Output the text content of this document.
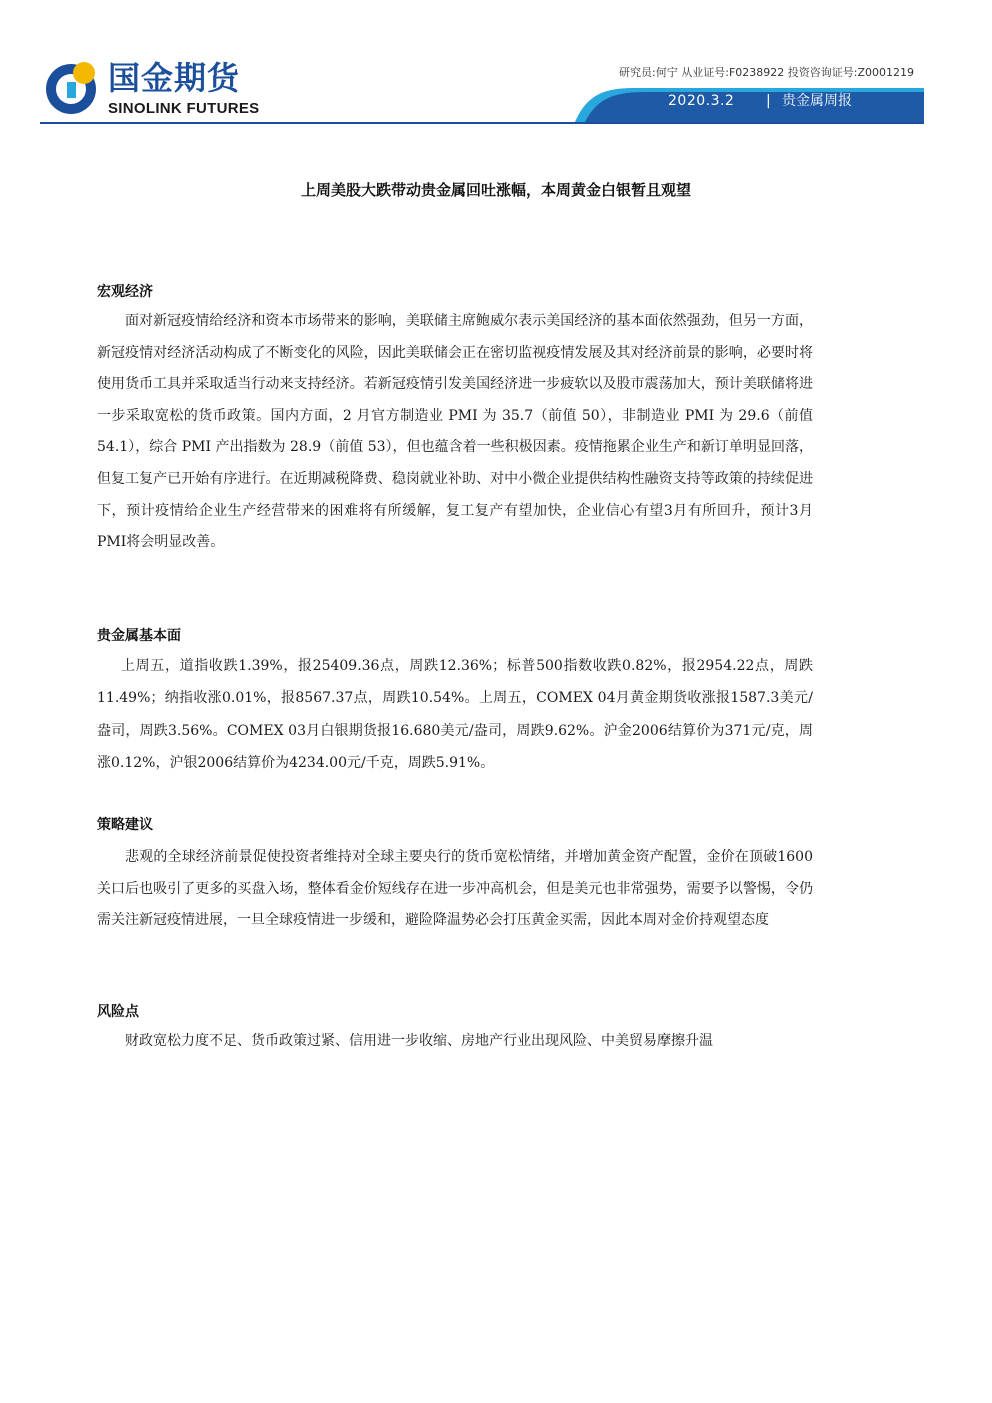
国金期货
SINOLINK FUTURES
研究员:何宁 从业证号:F0238922 投资咨询证号:Z0001219
2020.3.2 | 贵金属周报
上周美股大跌带动贵金属回吐涨幅，本周黄金白银暂且观望
宏观经济

面对新冠疫情给经济和资本市场带来的影响，美联储主席鲍威尔表示美国经济的基本面依然强劲，但另一方面，新冠疫情对经济活动构成了不断变化的风险，因此美联储会正在密切监视疫情发展及其对经济前景的影响，必要时将使用货币工具并采取适当行动来支持经济。若新冠疫情引发美国经济进一步疲软以及股市震荡加大，预计美联储将进一步采取宽松的货币政策。国内方面，2 月官方制造业 PMI 为 35.7（前值 50），非制造业 PMI 为 29.6（前值54.1），综合 PMI 产出指数为 28.9（前值 53），但也蕴含着一些积极因素。疫情拖累企业生产和新订单明显回落，但复工复产已开始有序进行。在近期减税降费、稳岗就业补助、对中小微企业提供结构性融资支持等政策的持续促进下，预计疫情给企业生产经营带来的困难将有所缓解，复工复产有望加快，企业信心有望3月有所回升，预计3月PMI将会明显改善。

贵金属基本面

上周五，道指收跌1.39%，报25409.36点，周跌12.36%；标普500指数收跌0.82%，报2954.22点，周跌11.49%；纳指收涨0.01%，报8567.37点，周跌10.54%。上周五，COMEX 04月黄金期货收涨报1587.3美元/盎司，周跌3.56%。COMEX 03月白银期货报16.680美元/盎司，周跌9.62%。沪金2006结算价为371元/克，周涨0.12%，沪银2006结算价为4234.00元/千克，周跌5.91%。

策略建议

悲观的全球经济前景促使投资者维持对全球主要央行的货币宽松情绪，并增加黄金资产配置，金价在顶破1600关口后也吸引了更多的买盘入场，整体看金价短线存在进一步冲高机会，但是美元也非常强势，需要予以警惕，令仍需关注新冠疫情进展，一旦全球疫情进一步缓和，避险降温势必会打压黄金买需，因此本周对金价持观望态度

风险点

财政宽松力度不足、货币政策过紧、信用进一步收缩、房地产行业出现风险、中美贸易摩擦升温
